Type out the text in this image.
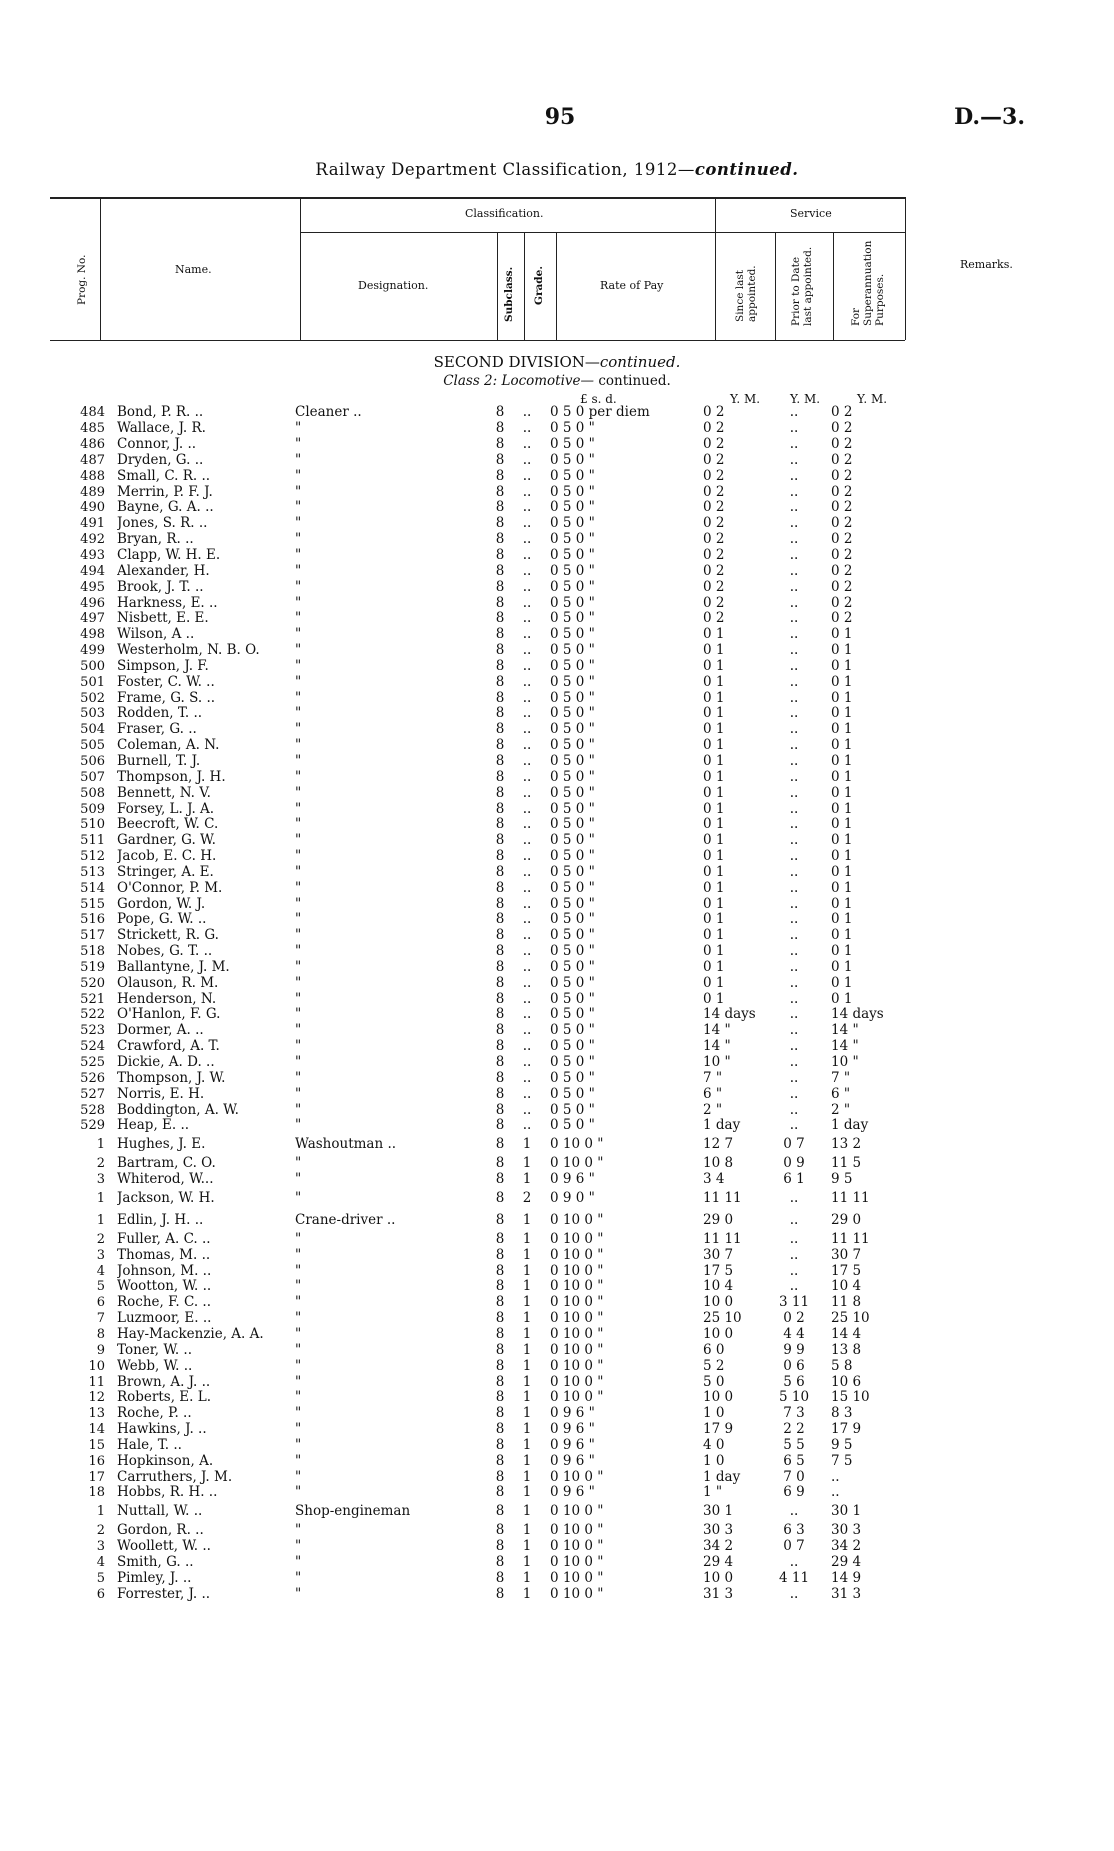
95	D.—3.
Railway Department Classification, 1912—continued.
Prog. No.	Name.
Classification.
Designation.	Subclass. Grade.	Rate of Pay
Service
Since last appointed.	Prior to Date last appointed.	For Superannuation Purposes.
Remarks.
SECOND DIVISION—continued.
Class 2: Locomotive— continued.
£ s. d.	Y. M. Y. M.	Y. M.
484	Bond, P. R. ..	Cleaner ..	8	..	0 5 0 per diem	0 2	..	0 2
485	Wallace, J. R.	"	8	..	0 5 0 "	0 2	..	0 2
486	Connor, J. ..	"	8	..	0 5 0 "	0 2	..	0 2
487	Dryden, G. ..	"	8	..	0 5 0 "	0 2	..	0 2
488	Small, C. R. ..	"	8	..	0 5 0 "	0 2	..	0 2
489	Merrin, P. F. J.	"	8	..	0 5 0 "	0 2	..	0 2
490	Bayne, G. A. ..	"	8	..	0 5 0 "	0 2	..	0 2
491	Jones, S. R. ..	"	8	..	0 5 0 "	0 2	..	0 2
492	Bryan, R. ..	"	8	..	0 5 0 "	0 2	..	0 2
493	Clapp, W. H. E.	"	8	..	0 5 0 "	0 2	..	0 2
494	Alexander, H.	"	8	..	0 5 0 "	0 2	..	0 2
495	Brook, J. T. ..	"	8	..	0 5 0 "	0 2	..	0 2
496	Harkness, E. ..	"	8	..	0 5 0 "	0 2	..	0 2
497	Nisbett, E. E.	"	8	..	0 5 0 "	0 2	..	0 2
498	Wilson, A ..	"	8	..	0 5 0 "	0 1	..	0 1
499	Westerholm, N. B. O.	"	8	..	0 5 0 "	0 1	..	0 1
500	Simpson, J. F.	"	8	..	0 5 0 "	0 1	..	0 1
501	Foster, C. W. ..	"	8	..	0 5 0 "	0 1	..	0 1
502	Frame, G. S. ..	"	8	..	0 5 0 "	0 1	..	0 1
503	Rodden, T. ..	"	8	..	0 5 0 "	0 1	..	0 1
504	Fraser, G. ..	"	8	..	0 5 0 "	0 1	..	0 1
505	Coleman, A. N.	"	8	..	0 5 0 "	0 1	..	0 1
506	Burnell, T. J.	"	8	..	0 5 0 "	0 1	..	0 1
507	Thompson, J. H.	"	8	..	0 5 0 "	0 1	..	0 1
508	Bennett, N. V.	"	8	..	0 5 0 "	0 1	..	0 1
509	Forsey, L. J. A.	"	8	..	0 5 0 "	0 1	..	0 1
510	Beecroft, W. C.	"	8	..	0 5 0 "	0 1	..	0 1
511	Gardner, G. W.	"	8	..	0 5 0 "	0 1	..	0 1
512	Jacob, E. C. H.	"	8	..	0 5 0 "	0 1	..	0 1
513	Stringer, A. E.	"	8	..	0 5 0 "	0 1	..	0 1
514	O'Connor, P. M.	"	8	..	0 5 0 "	0 1	..	0 1
515	Gordon, W. J.	"	8	..	0 5 0 "	0 1	..	0 1
516	Pope, G. W. ..	"	8	..	0 5 0 "	0 1	..	0 1
517	Strickett, R. G.	"	8	..	0 5 0 "	0 1	..	0 1
518	Nobes, G. T. ..	"	8	..	0 5 0 "	0 1	..	0 1
519	Ballantyne, J. M.	"	8	..	0 5 0 "	0 1	..	0 1
520	Olauson, R. M.	"	8	..	0 5 0 "	0 1	..	0 1
521	Henderson, N.	"	8	..	0 5 0 "	0 1	..	0 1
522	O'Hanlon, F. G.	"	8	..	0 5 0 "	14 days	..	14 days
523	Dormer, A. ..	"	8	..	0 5 0 "	14 "	..	14 "
524	Crawford, A. T.	"	8	..	0 5 0 "	14 "	..	14 "
525	Dickie, A. D. ..	"	8	..	0 5 0 "	10 "	..	10 "
526	Thompson, J. W.	"	8	..	0 5 0 "	7 "	..	7 "
527	Norris, E. H.	"	8	..	0 5 0 "	6 "	..	6 "
528	Boddington, A. W.	"	8	..	0 5 0 "	2 "	..	2 "
529	Heap, E. ..	"	8	..	0 5 0 "	1 day	..	1 day
1	Hughes, J. E.	Washoutman ..	8	1	0 10 0 "	12 7	0 7	13 2
2	Bartram, C. O.	"	8	1	0 10 0 "	10 8	0 9	11 5
3	Whiterod, W...	"	8	1	0 9 6 "	3 4	6 1	9 5
1	Jackson, W. H.	"	8	2	0 9 0 "	11 11	..	11 11
1	Edlin, J. H. ..	Crane-driver ..	8	1	0 10 0 "	29 0	..	29 0
2	Fuller, A. C. ..	"	8	1	0 10 0 "	11 11	..	11 11
3	Thomas, M. ..	"	8	1	0 10 0 "	30 7	..	30 7
4	Johnson, M. ..	"	8	1	0 10 0 "	17 5	..	17 5
5	Wootton, W. ..	"	8	1	0 10 0 "	10 4	..	10 4
6	Roche, F. C. ..	"	8	1	0 10 0 "	10 0	3 11	11 8
7	Luzmoor, E. ..	"	8	1	0 10 0 "	25 10	0 2	25 10
8	Hay-Mackenzie, A. A.	"	8	1	0 10 0 "	10 0	4 4	14 4
9	Toner, W. ..	"	8	1	0 10 0 "	6 0	9 9	13 8
10	Webb, W. ..	"	8	1	0 10 0 "	5 2	0 6	5 8
11	Brown, A. J. ..	"	8	1	0 10 0 "	5 0	5 6	10 6
12	Roberts, E. L.	"	8	1	0 10 0 "	10 0	5 10	15 10
13	Roche, P. ..	"	8	1	0 9 6 "	1 0	7 3	8 3
14	Hawkins, J. ..	"	8	1	0 9 6 "	17 9	2 2	17 9
15	Hale, T. ..	"	8	1	0 9 6 "	4 0	5 5	9 5
16	Hopkinson, A.	"	8	1	0 9 6 "	1 0	6 5	7 5
17	Carruthers, J. M.	"	8	1	0 10 0 "	1 day	7 0	..
18	Hobbs, R. H. ..	"	8	1	0 9 6 "	1 "	6 9	..
1	Nuttall, W. ..	Shop-engineman	8	1	0 10 0 "	30 1	..	30 1
2	Gordon, R. ..	"	8	1	0 10 0 "	30 3	6 3	30 3
3	Woollett, W. ..	"	8	1	0 10 0 "	34 2	0 7	34 2
4	Smith, G. ..	"	8	1	0 10 0 "	29 4	..	29 4
5	Pimley, J. ..	"	8	1	0 10 0 "	10 0	4 11	14 9
6	Forrester, J. ..	"	8	1	0 10 0 "	31 3	..	31 3
